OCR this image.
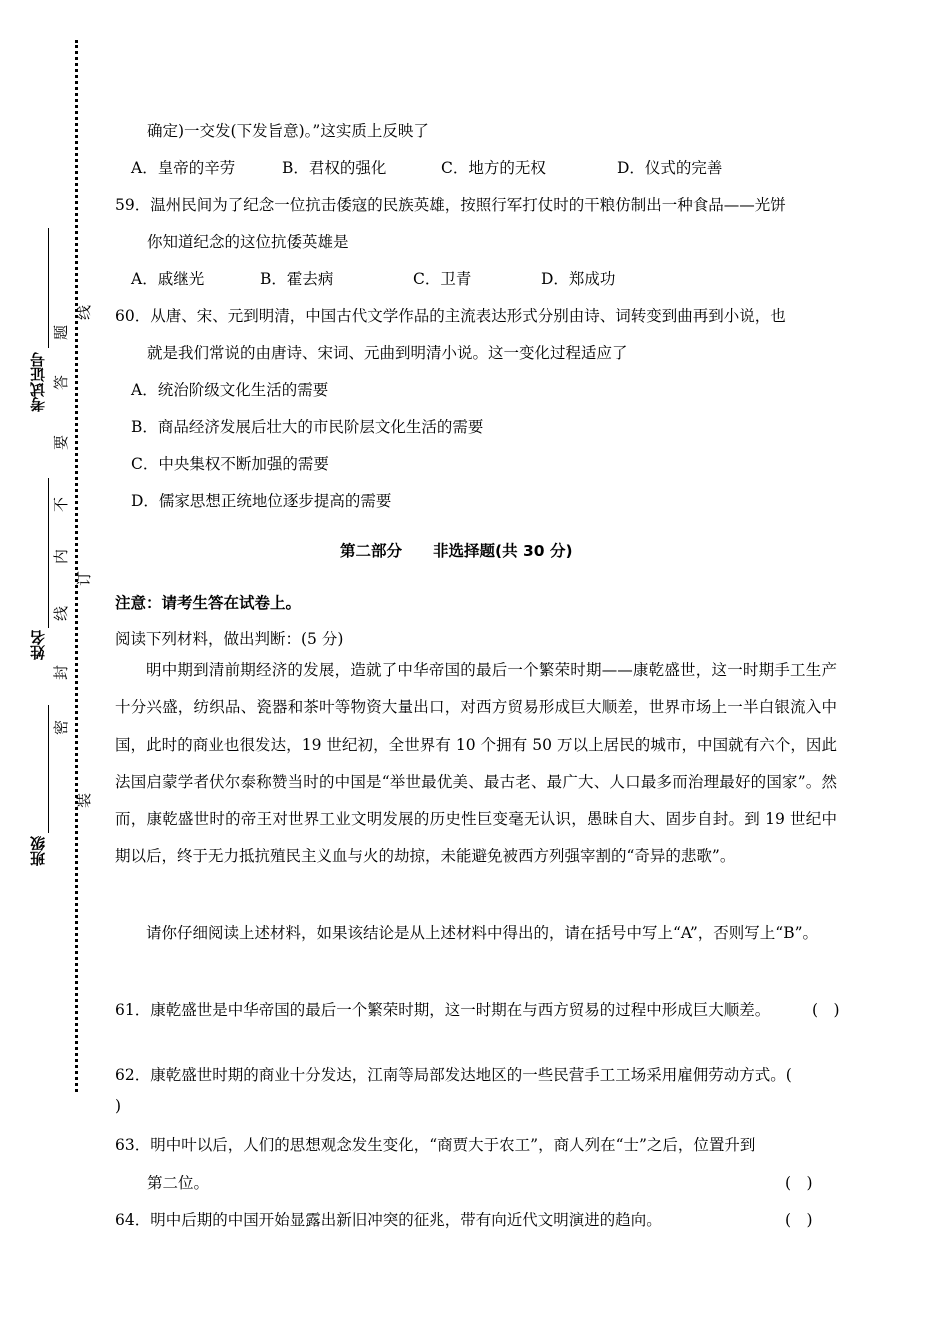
考试证号
姓名
班级
题
线
答
要
不
内
订
线
封
密
装
确定)一交发(下发旨意)。”这实质上反映了
A．皇帝的辛劳	B．君权的强化	C．地方的无权	D．仪式的完善
59．温州民间为了纪念一位抗击倭寇的民族英雄，按照行军打仗时的干粮仿制出一种食品——光饼
你知道纪念的这位抗倭英雄是
A．戚继光	B．霍去病	C．卫青	D．郑成功
60．从唐、宋、元到明清，中国古代文学作品的主流表达形式分别由诗、词转变到曲再到小说，也
就是我们常说的由唐诗、宋词、元曲到明清小说。这一变化过程适应了
A．统治阶级文化生活的需要
B．商品经济发展后壮大的市民阶层文化生活的需要
C．中央集权不断加强的需要
D．儒家思想正统地位逐步提高的需要
第二部分　　非选择题(共 30 分)
注意：请考生答在试卷上。
阅读下列材料，做出判断：(5 分)
明中期到清前期经济的发展，造就了中华帝国的最后一个繁荣时期——康乾盛世，这一时期手工生产十分兴盛，纺织品、瓷器和茶叶等物资大量出口，对西方贸易形成巨大顺差，世界市场上一半白银流入中国，此时的商业也很发达，19 世纪初，全世界有 10 个拥有 50 万以上居民的城市，中国就有六个，因此法国启蒙学者伏尔泰称赞当时的中国是“举世最优美、最古老、最广大、人口最多而治理最好的国家”。然而，康乾盛世时的帝王对世界工业文明发展的历史性巨变毫无认识，愚昧自大、固步自封。到 19 世纪中期以后，终于无力抵抗殖民主义血与火的劫掠，未能避免被西方列强宰割的“奇异的悲歌”。
请你仔细阅读上述材料，如果该结论是从上述材料中得出的，请在括号中写上“A”，否则写上“B”。
61．康乾盛世是中华帝国的最后一个繁荣时期，这一时期在与西方贸易的过程中形成巨大顺差。	(　)
62．康乾盛世时期的商业十分发达，江南等局部发达地区的一些民营手工工场采用雇佣劳动方式。(
)
63．明中叶以后，人们的思想观念发生变化，“商贾大于农工”，商人列在“士”之后，位置升到
第二位。	(　)
64．明中后期的中国开始显露出新旧冲突的征兆，带有向近代文明演进的趋向。	(　)
